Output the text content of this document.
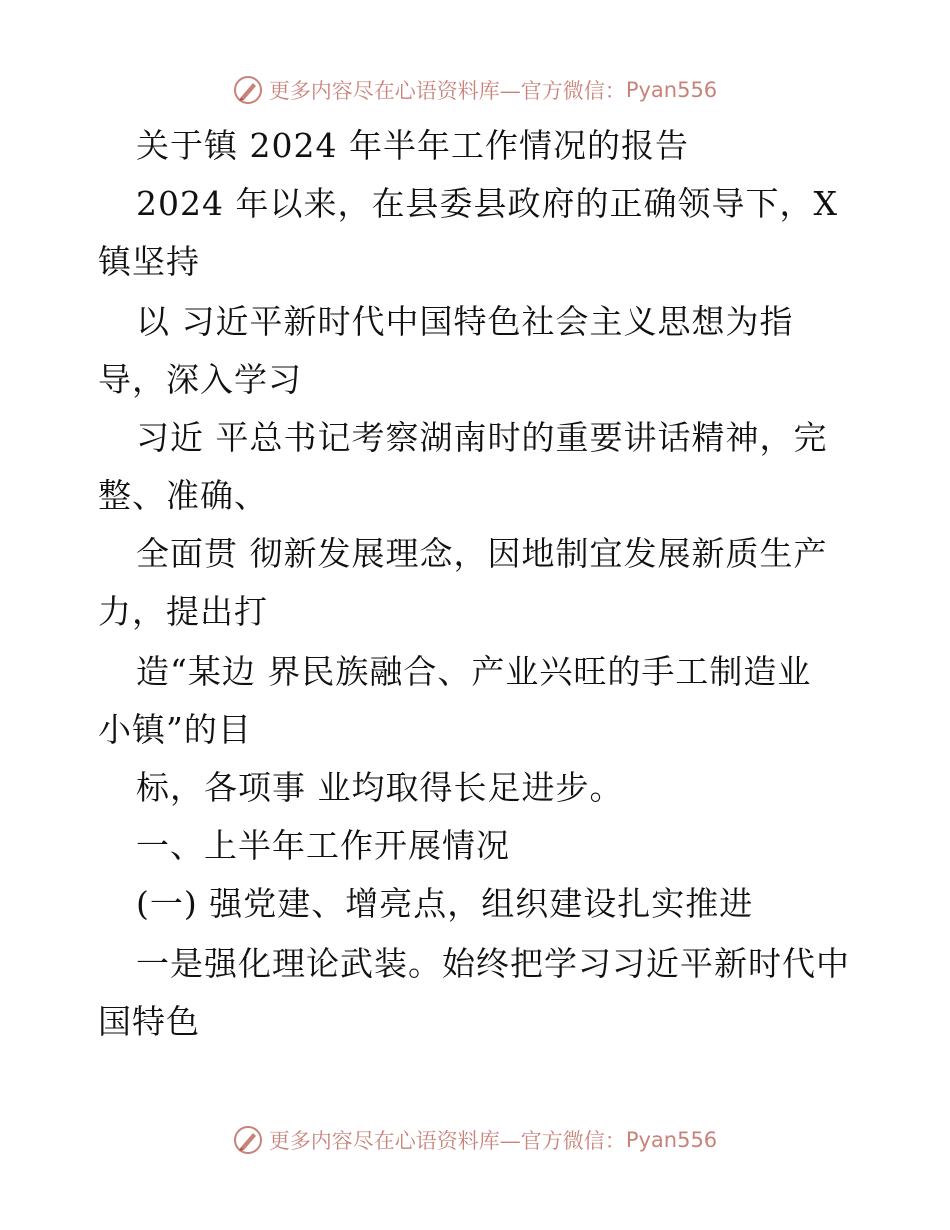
更多内容尽在心语资料库—官方微信： Pyan556
关于镇 2024 年半年工作情况的报告
2024 年以来，在县委县政府的正确领导下，X
镇坚持
以 习近平新时代中国特色社会主义思想为指
导，深入学习
习近 平总书记考察湖南时的重要讲话精神，完
整、准确、
全面贯 彻新发展理念，因地制宜发展新质生产
力，提出打
造“某边 界民族融合、产业兴旺的手工制造业
小镇”的目
标，各项事 业均取得长足进步。
一、上半年工作开展情况
(一) 强党建、增亮点，组织建设扎实推进
一是强化理论武装。始终把学习习近平新时代中
国特色
更多内容尽在心语资料库—官方微信： Pyan556
